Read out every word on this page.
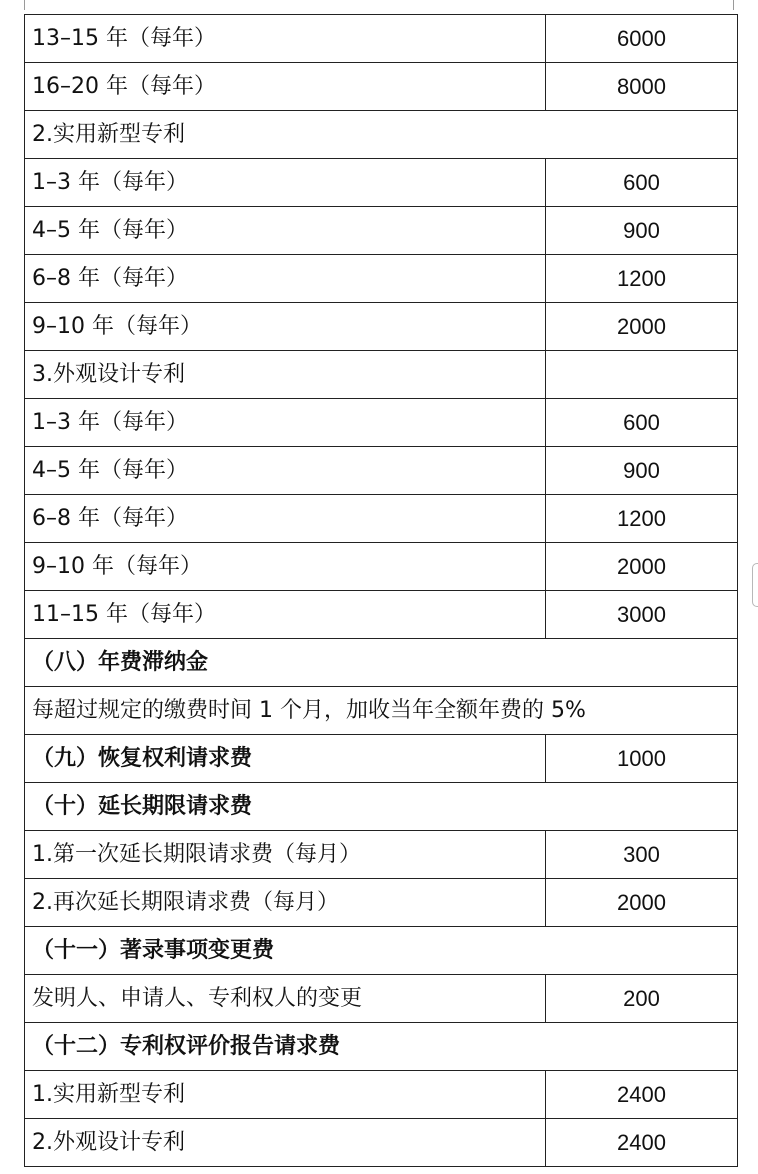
13–15 年（每年）	6000
16–20 年（每年）	8000
2.实用新型专利	
1–3 年（每年）	600
4–5 年（每年）	900
6–8 年（每年）	1200
9–10 年（每年）	2000
3.外观设计专利	
1–3 年（每年）	600
4–5 年（每年）	900
6–8 年（每年）	1200
9–10 年（每年）	2000
11–15 年（每年）	3000
（八）年费滞纳金	
每超过规定的缴费时间 1 个月，加收当年全额年费的 5%	
（九）恢复权利请求费	1000
（十）延长期限请求费	
1.第一次延长期限请求费（每月）	300
2.再次延长期限请求费（每月）	2000
（十一）著录事项变更费	
发明人、申请人、专利权人的变更	200
（十二）专利权评价报告请求费	
1.实用新型专利	2400
2.外观设计专利	2400
